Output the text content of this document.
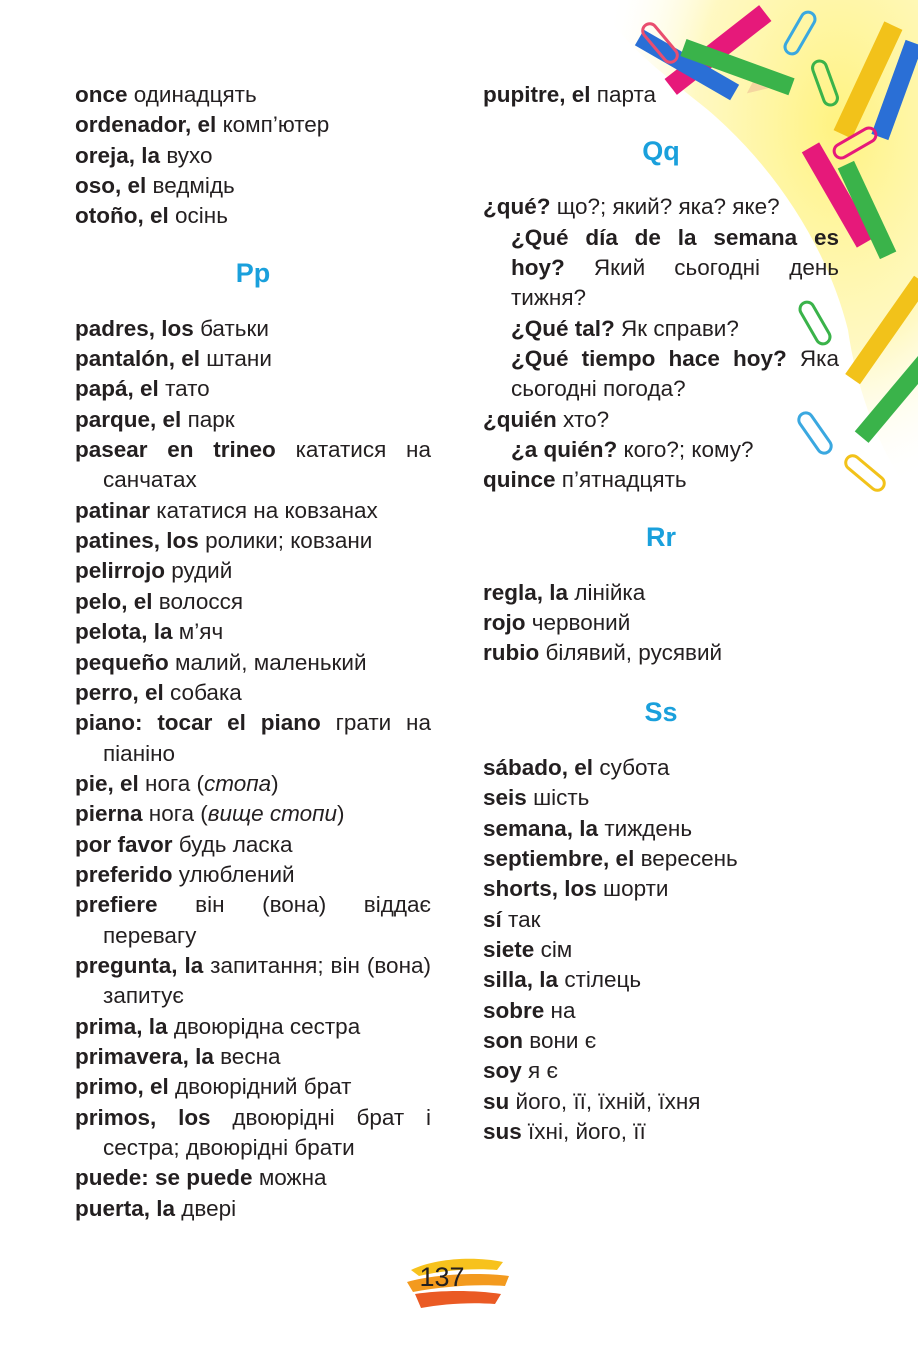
once одинадцять

ordenador, el комп’ютер

oreja, la вухо

oso, el ведмідь

otoño, el осінь

Pp

padres, los батьки

pantalón, el штани

papá, el тато

parque, el парк

pasear en trineo кататися на санчатах

patinar кататися на ковзанах

patines, los ролики; ковзани

pelirrojo рудий

pelo, el волосся

pelota, la м’яч

pequeño малий, маленький

perro, el собака

piano: tocar el piano грати на піаніно

pie, el нога (стопа)

pierna нога (вище стопи)

por favor будь ласка

preferido улюблений

prefiere він (вона) віддає перевагу

pregunta, la запитання; він (вона) запитує

prima, la двоюрідна сестра

primavera, la весна

primo, el двоюрідний брат

primos, los двоюрідні брат і сестра; двоюрідні брати

puede: se puede можна

puerta, la двері

pupitre, el парта

Qq

¿qué? що?; який? яка? яке?

¿Qué día de la semana es hoy? Який сьогодні день тижня?

¿Qué tal? Як справи?

¿Qué tiempo hace hoy? Яка сьогодні погода?

¿quién хто?

¿a quién? кого?; кому?

quince п’ятнадцять

Rr

regla, la лінійка

rojo червоний

rubio білявий, русявий

Ss

sábado, el субота

seis шість

semana, la тиждень

septiembre, el вересень

shorts, los шорти

sí так

siete сім

silla, la стілець

sobre на

son вони є

soy я є

su його, її, їхній, їхня

sus їхні, його, її

137
